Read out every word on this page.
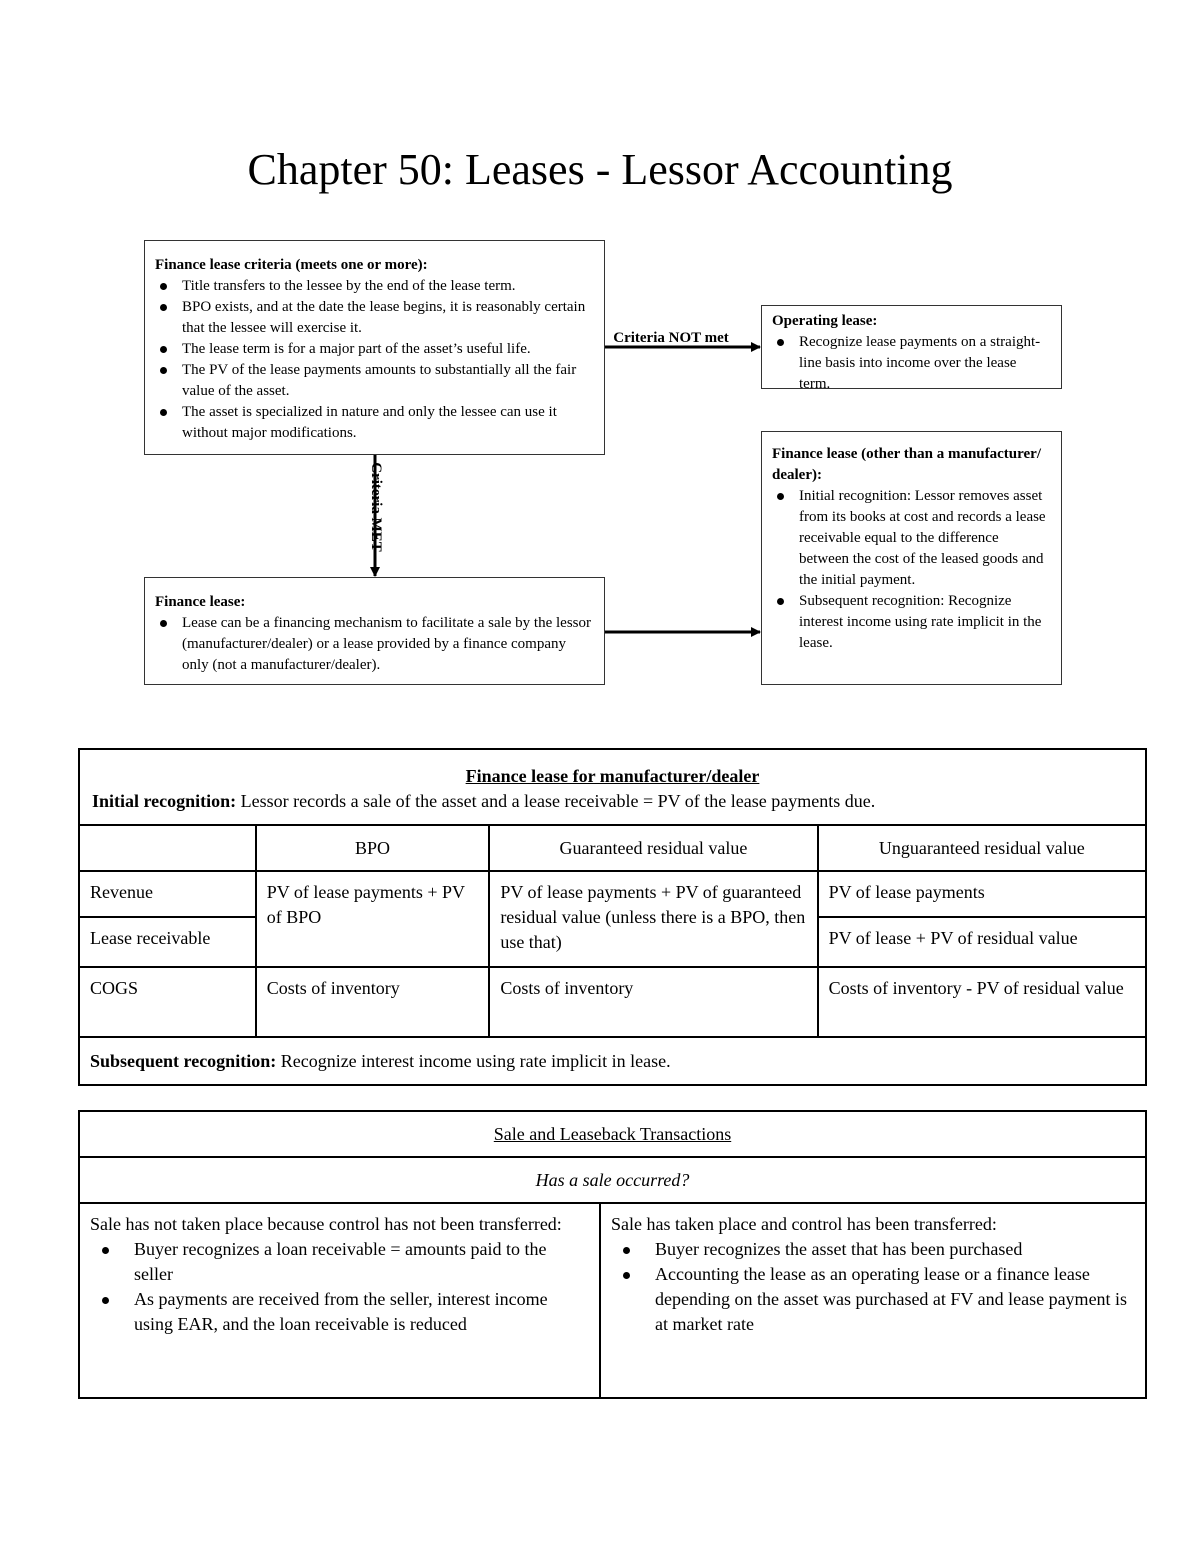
Chapter 50: Leases - Lessor Accounting
Finance lease criteria (meets one or more):
Title transfers to the lessee by the end of the lease term.
BPO exists, and at the date the lease begins, it is reasonably certain that the lessee will exercise it.
The lease term is for a major part of the asset’s useful life.
The PV of the lease payments amounts to substantially all the fair value of the asset.
The asset is specialized in nature and only the lessee can use it without major modifications.
Criteria NOT met
Criteria MET
Operating lease:
Recognize lease payments on a straight-line basis into income over the lease term.
Finance lease:
Lease can be a financing mechanism to facilitate a sale by the lessor (manufacturer/dealer) or a lease provided by a finance company only (not a manufacturer/dealer).
Finance lease (other than a manufacturer/ dealer):
Initial recognition: Lessor removes asset from its books at cost and records a lease receivable equal to the difference between the cost of the leased goods and the initial payment.
Subsequent recognition: Recognize interest income using rate implicit in the lease.
Finance lease for manufacturer/dealer
Initial recognition: Lessor records a sale of the asset and a lease receivable = PV of the lease payments due.			

	BPO	Guaranteed residual value	Unguaranteed residual value
Revenue	PV of lease payments + PV of BPO	PV of lease payments + PV of guaranteed residual value (unless there is a BPO, then use that)	PV of lease payments
Lease receivable			PV of lease + PV of residual value
COGS	Costs of inventory	Costs of inventory	Costs of inventory - PV of residual value
Subsequent recognition: Recognize interest income using rate implicit in lease.			
Sale and Leaseback Transactions
Has a sale occurred?

Sale has not taken place because control has not been transferred:
Buyer recognizes a loan receivable = amounts paid to the seller
As payments are received from the seller, interest income using EAR, and the loan receivable is reduced

Sale has taken place and control has been transferred:
Buyer recognizes the asset that has been purchased
Accounting the lease as an operating lease or a finance lease depending on the asset was purchased at FV and lease payment is at market rate
